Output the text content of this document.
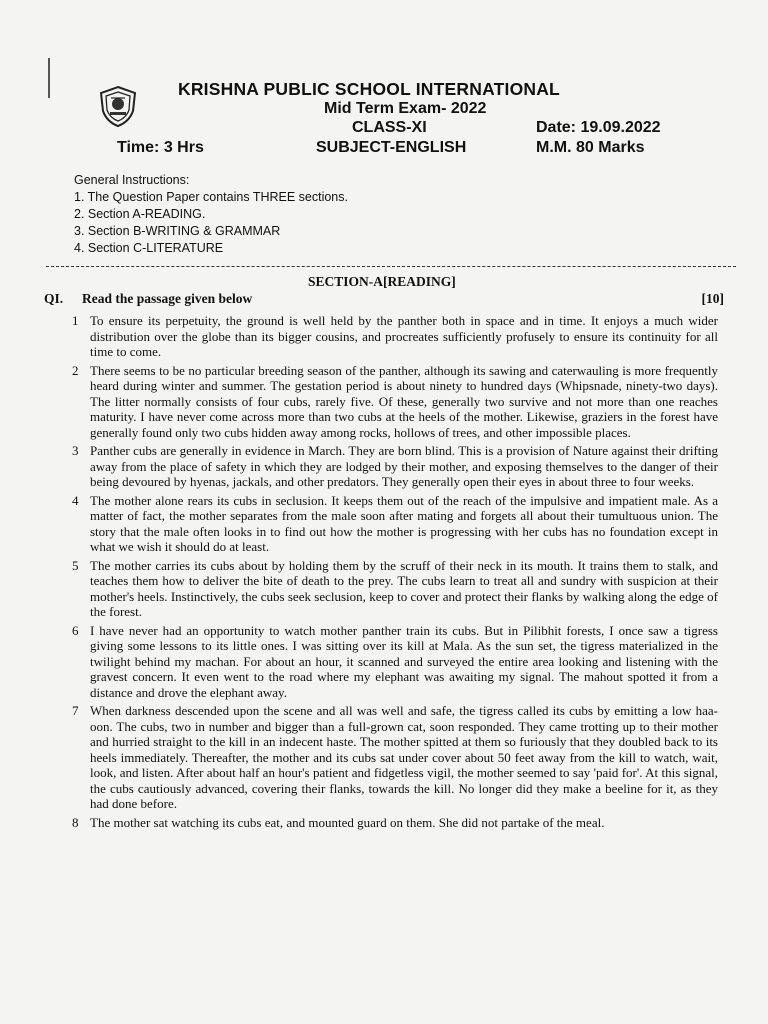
KRISHNA PUBLIC SCHOOL INTERNATIONAL
Mid Term Exam- 2022
CLASS-XI	Date: 19.09.2022
Time: 3 Hrs	SUBJECT-ENGLISH	M.M. 80 Marks
General Instructions:
1. The Question Paper contains THREE sections.
2. Section A-READING.
3. Section B-WRITING & GRAMMAR
4. Section C-LITERATURE
SECTION-A[READING]
QI. Read the passage given below	[10]
1 To ensure its perpetuity, the ground is well held by the panther both in space and in time. It enjoys a much wider distribution over the globe than its bigger cousins, and procreates sufficiently profusely to ensure its continuity for all time to come.
2 There seems to be no particular breeding season of the panther, although its sawing and caterwauling is more frequently heard during winter and summer. The gestation period is about ninety to hundred days (Whipsnade, ninety-two days). The litter normally consists of four cubs, rarely five. Of these, generally two survive and not more than one reaches maturity. I have never come across more than two cubs at the heels of the mother. Likewise, graziers in the forest have generally found only two cubs hidden away among rocks, hollows of trees, and other impossible places.
3 Panther cubs are generally in evidence in March. They are born blind. This is a provision of Nature against their drifting away from the place of safety in which they are lodged by their mother, and exposing themselves to the danger of their being devoured by hyenas, jackals, and other predators. They generally open their eyes in about three to four weeks.
4 The mother alone rears its cubs in seclusion. It keeps them out of the reach of the impulsive and impatient male. As a matter of fact, the mother separates from the male soon after mating and forgets all about their tumultuous union. The story that the male often looks in to find out how the mother is progressing with her cubs has no foundation except in what we wish it should do at least.
5 The mother carries its cubs about by holding them by the scruff of their neck in its mouth. It trains them to stalk, and teaches them how to deliver the bite of death to the prey. The cubs learn to treat all and sundry with suspicion at their mother's heels. Instinctively, the cubs seek seclusion, keep to cover and protect their flanks by walking along the edge of the forest.
6 I have never had an opportunity to watch mother panther train its cubs. But in Pilibhit forests, I once saw a tigress giving some lessons to its little ones. I was sitting over its kill at Mala. As the sun set, the tigress materialized in the twilight behind my machan. For about an hour, it scanned and surveyed the entire area looking and listening with the gravest concern. It even went to the road where my elephant was awaiting my signal. The mahout spotted it from a distance and drove the elephant away.
7 When darkness descended upon the scene and all was well and safe, the tigress called its cubs by emitting a low haa-oon. The cubs, two in number and bigger than a full-grown cat, soon responded. They came trotting up to their mother and hurried straight to the kill in an indecent haste. The mother spitted at them so furiously that they doubled back to its heels immediately. Thereafter, the mother and its cubs sat under cover about 50 feet away from the kill to watch, wait, look, and listen. After about half an hour's patient and fidgetless vigil, the mother seemed to say 'paid for'. At this signal, the cubs cautiously advanced, covering their flanks, towards the kill. No longer did they make a beeline for it, as they had done before.
8 The mother sat watching its cubs eat, and mounted guard on them. She did not partake of the meal.
